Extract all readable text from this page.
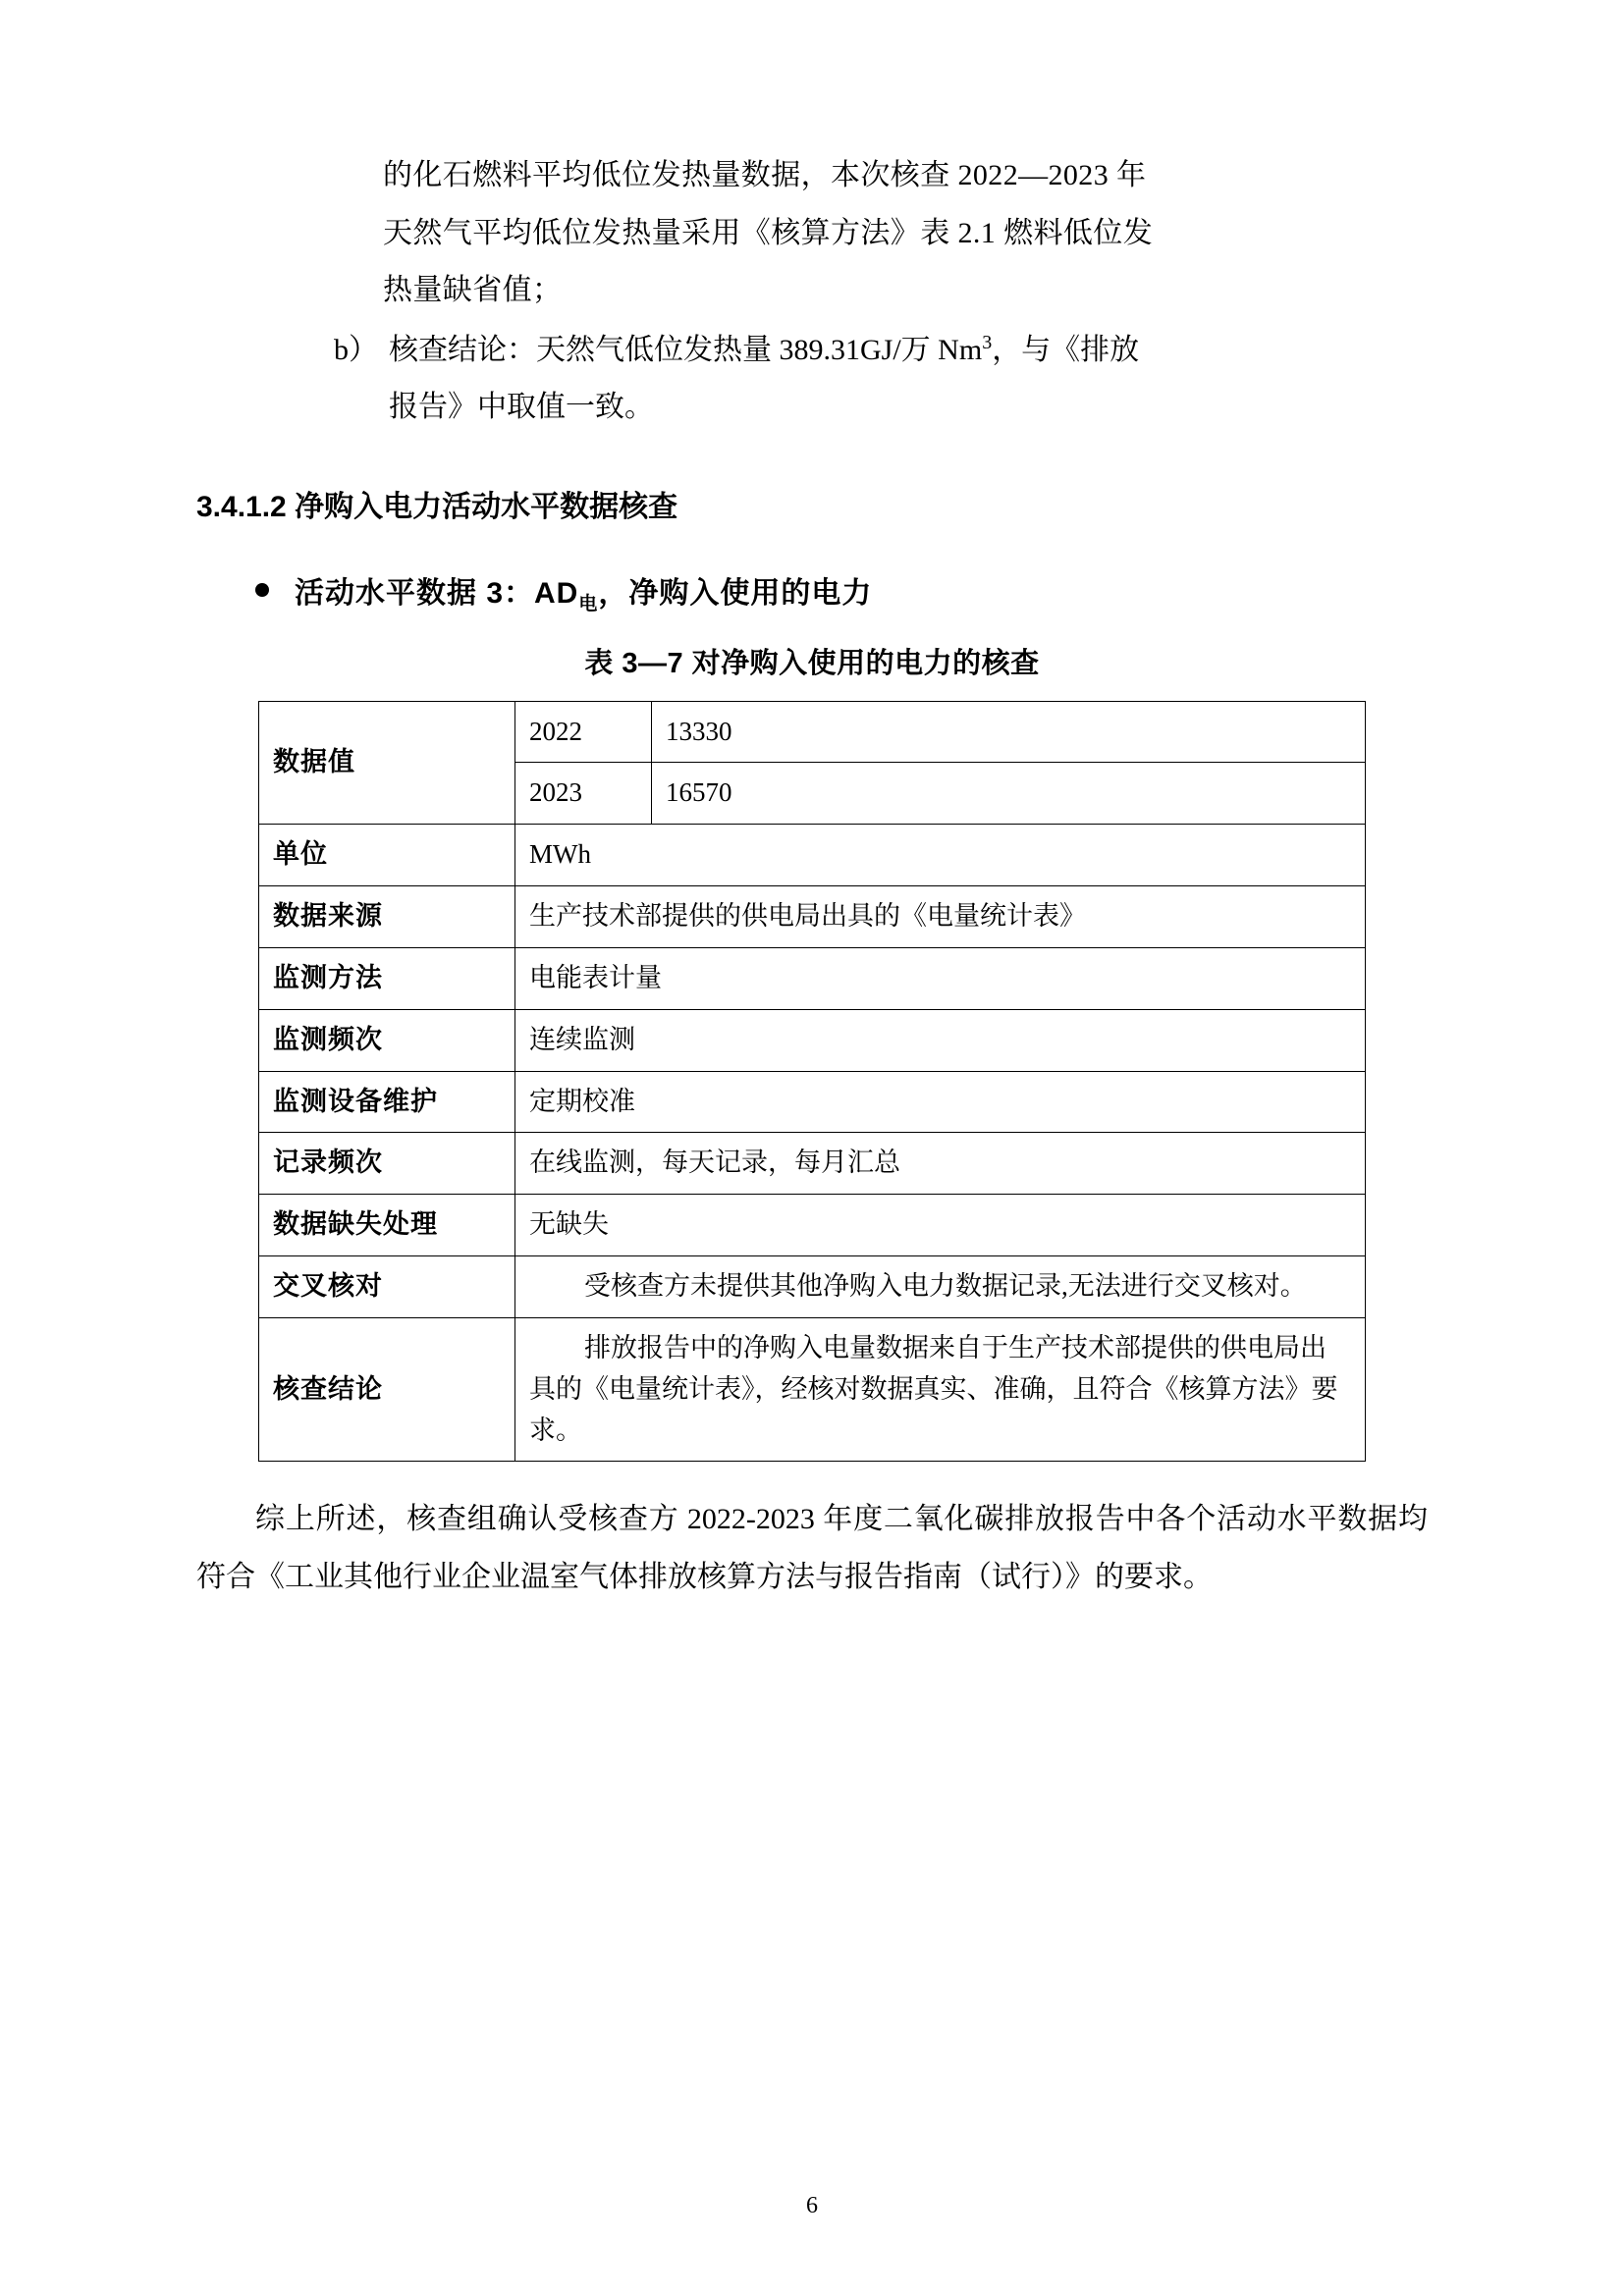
的化石燃料平均低位发热量数据，本次核查 2022—2023 年
天然气平均低位发热量采用《核算方法》表 2.1 燃料低位发
热量缺省值；
b） 核查结论：天然气低位发热量 389.31GJ/万 Nm$^3$，与《排放
报告》中取值一致。
3.4.1.2 净购入电力活动水平数据核查
活动水平数据 3：$AD_电$，净购入使用的电力
表 3—7 对净购入使用的电力的核查
数据值	2022	13330
	2023	16570
单位	MWh	
数据来源	生产技术部提供的供电局出具的《电量统计表》	
监测方法	电能表计量	
监测频次	连续监测	
监测设备维护	定期校准	
记录频次	在线监测，每天记录，每月汇总	
数据缺失处理	无缺失	
交叉核对	受核查方未提供其他净购入电力数据记录,无法进行交叉核对。	
核查结论	排放报告中的净购入电量数据来自于生产技术部提供的供电局出具的《电量统计表》，经核对数据真实、准确，且符合《核算方法》要求。	
综上所述，核查组确认受核查方 2022-2023 年度二氧化碳排放报告中各个活动水平数据均符合《工业其他行业企业温室气体排放核算方法与报告指南（试行）》的要求。
6
